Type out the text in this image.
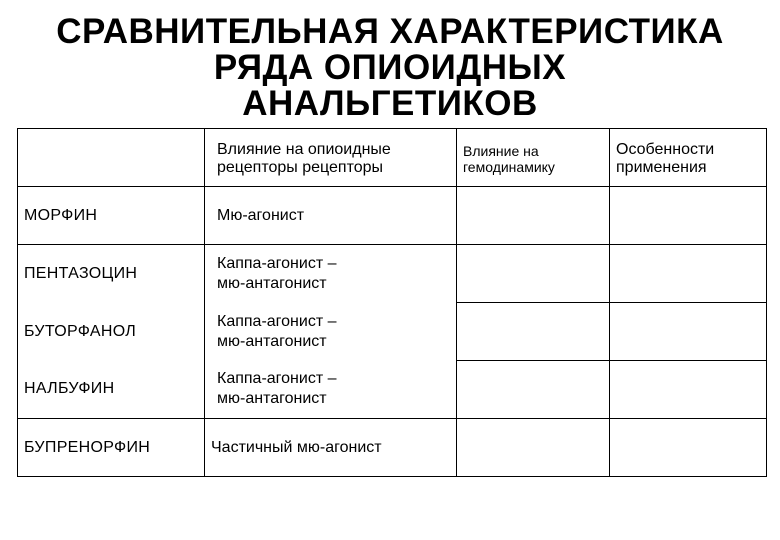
СРАВНИТЕЛЬНАЯ ХАРАКТЕРИСТИКА
РЯДА ОПИОИДНЫХ
АНАЛЬГЕТИКОВ
	Влияние на опиоидные рецепторы рецепторы	Влияние на гемодинамику	Особенности применения
МОРФИН	Мю-агонист		

ПЕНТАЗОЦИН	Каппа-агонист –
мю-антагонист		

БУТОРФАНОЛ	Каппа-агонист –
мю-антагонист		

НАЛБУФИН	Каппа-агонист –
мю-антагонист		

БУПРЕНОРФИН	Частичный мю-агонист		
